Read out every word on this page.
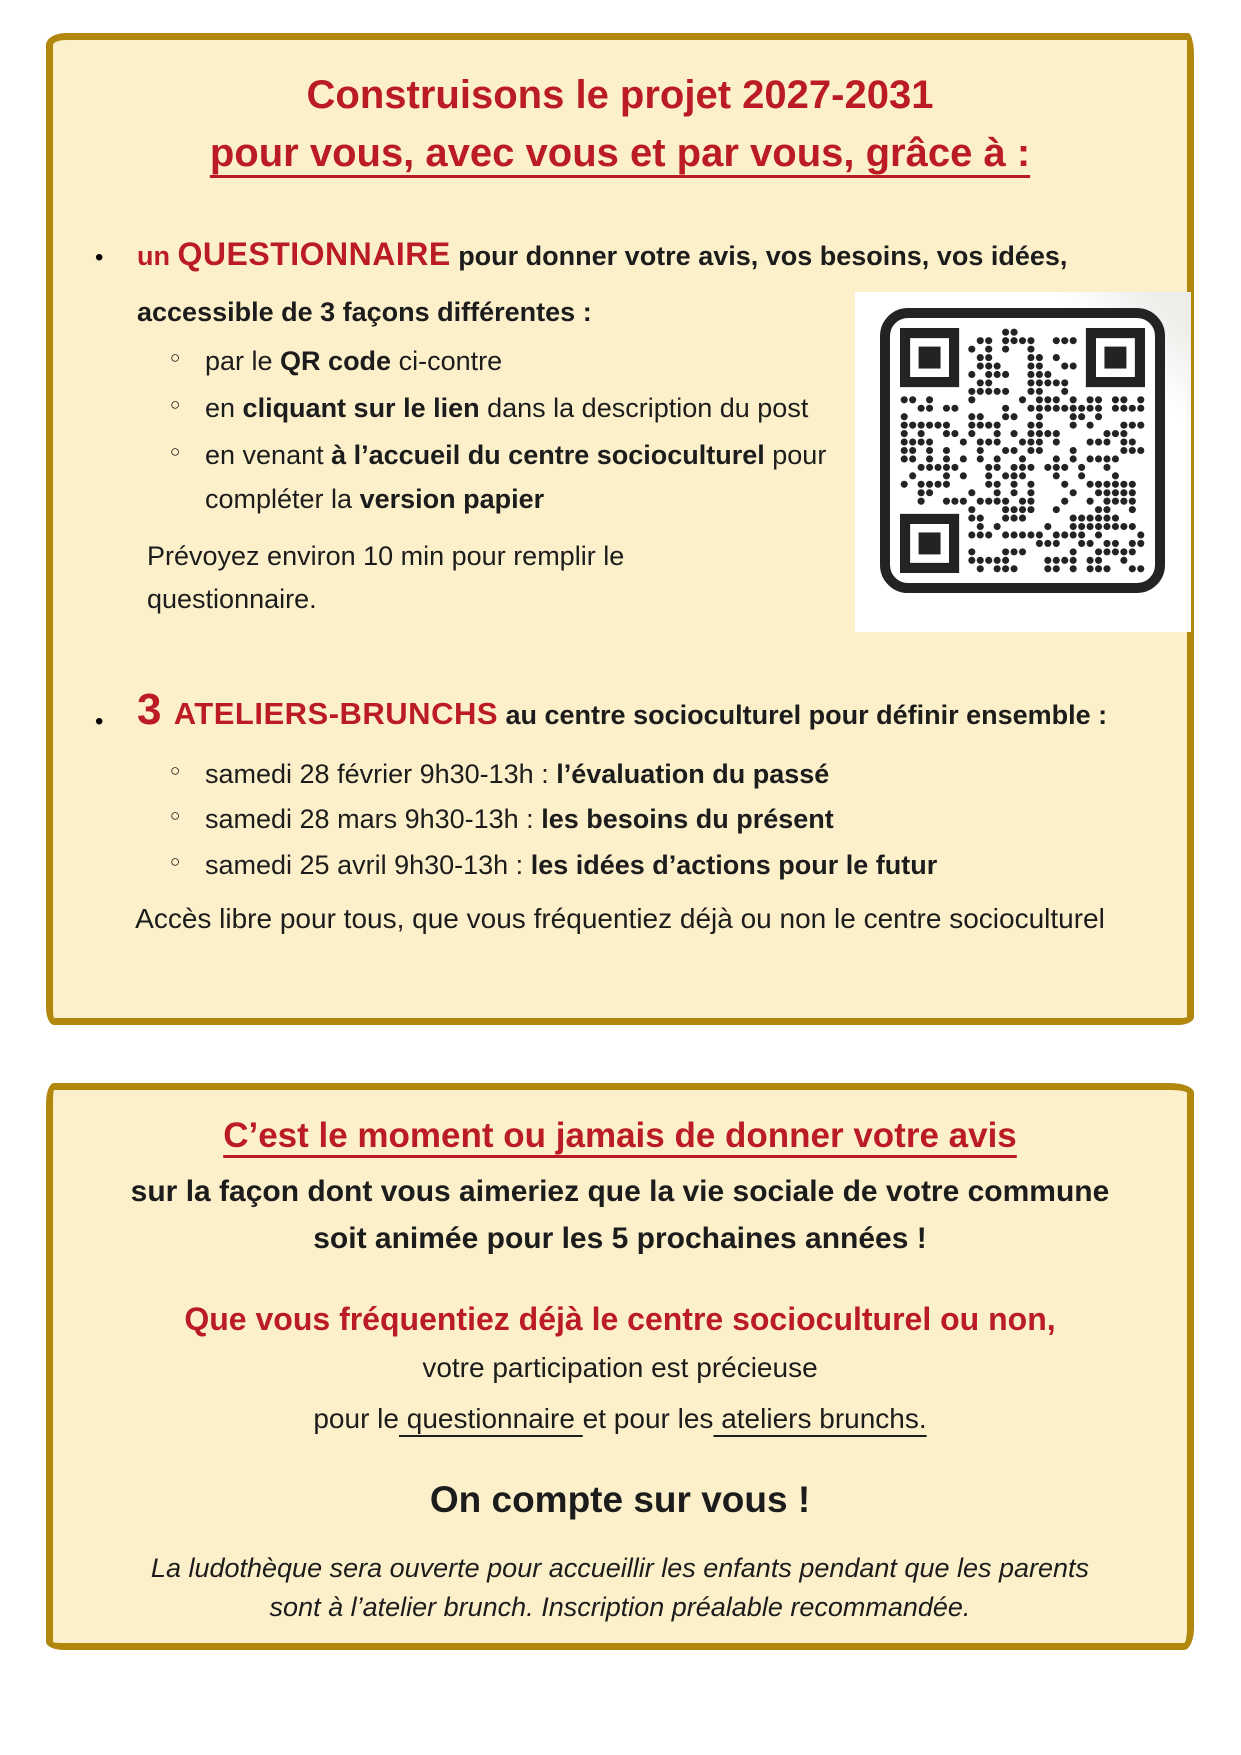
Construisons le projet 2027-2031
pour vous, avec vous et par vous, grâce à :
• un QUESTIONNAIRE pour donner votre avis, vos besoins, vos idées,
accessible de 3 façons différentes :
○ par le QR code ci-contre
○ en cliquant sur le lien dans la description du post
○ en venant à l’accueil du centre socioculturel pour compléter la version papier

Prévoyez environ 10 min pour remplir le questionnaire.

• 3 ATELIERS-BRUNCHS au centre socioculturel pour définir ensemble :
○ samedi 28 février 9h30-13h : l’évaluation du passé
○ samedi 28 mars 9h30-13h : les besoins du présent
○ samedi 25 avril 9h30-13h : les idées d’actions pour le futur
Accès libre pour tous, que vous fréquentiez déjà ou non le centre socioculturel
C’est le moment ou jamais de donner votre avis
sur la façon dont vous aimeriez que la vie sociale de votre commune
soit animée pour les 5 prochaines années !
Que vous fréquentiez déjà le centre socioculturel ou non,
votre participation est précieuse
pour le questionnaire et pour les ateliers brunchs.
On compte sur vous !
La ludothèque sera ouverte pour accueillir les enfants pendant que les parents
sont à l’atelier brunch. Inscription préalable recommandée.
